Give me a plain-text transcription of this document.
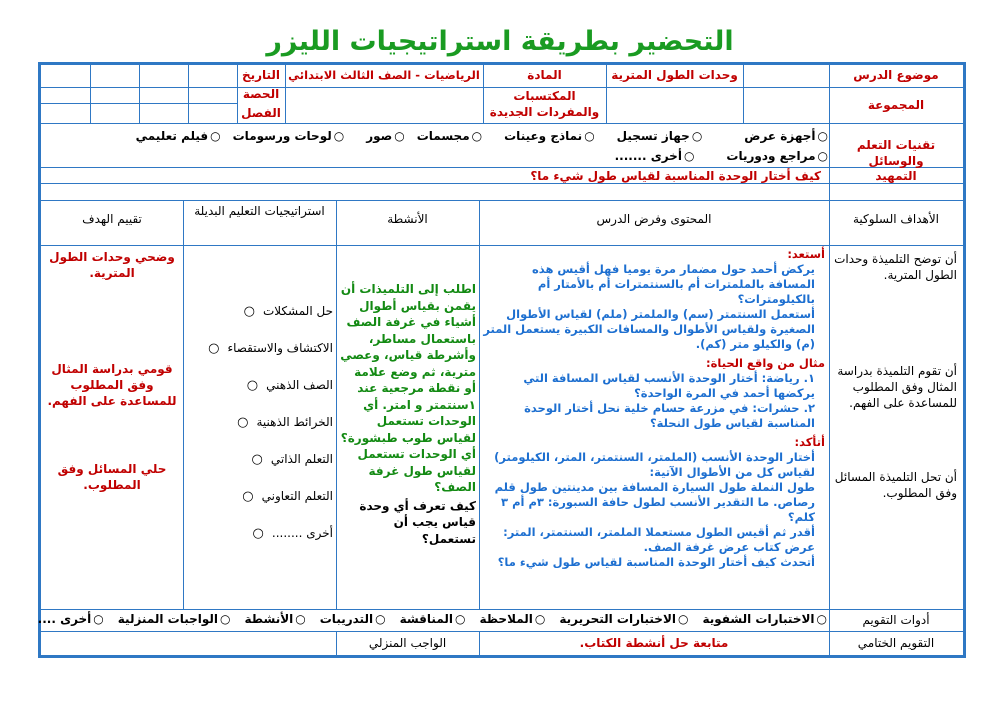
التحضير بطريقة استراتيجيات الليزر
موضوع الدرس
وحدات الطول المترية
المادة
الرياضيات - الصف الثالث الابتدائي
التاريخ
الحصة
الفصل
المجموعة
المكتسبات والمفردات الجديدة
تقنيات التعلم والوسائل
○ أجهزة عرض
○ جهاز تسجيل
○ نماذج وعينات
○ مجسمات
○ صور
○ لوحات ورسومات
○ فيلم تعليمي
○ مراجع ودوريات
○ أخرى .......
التمهيد
كيف أختار الوحدة المناسبة لقياس طول شيء ما؟
الأهداف السلوكية
المحتوى وفرض الدرس
الأنشطة
استراتيجيات التعليم البديلة
تقييم الهدف
أن توضح التلميذة وحدات الطول المترية.
أن تقوم التلميذة بدراسة المثال وفق المطلوب للمساعدة على الفهم.
أن تحل التلميذة المسائل وفق المطلوب.
أستعد:
يركض أحمد حول مضمار مرة يوميا فهل أقيس هذه المسافة بالملمترات أم بالسنتمترات أم بالأمتار أم بالكيلومترات؟
أستعمل السنتمتر (سم) والملمتر (ملم) لقياس الأطوال الصغيرة ولقياس الأطوال والمسافات الكبيرة يستعمل المتر (م) والكيلو متر (كم).
مثال من واقع الحياة:
١. رياضة: أختار الوحدة الأنسب لقياس المسافة التي يركضها أحمد في المرة الواحدة؟
٢. حشرات: في مزرعة حسام خلية نحل أختار الوحدة المناسبة لقياس طول النحلة؟
أتأكد:
أختار الوحدة الأنسب (الملمتر، السنتمتر، المتر، الكيلومتر) لقياس كل من الأطوال الآتية:
طول النملة طول السيارة المسافة بين مدينتين طول قلم رصاص. ما التقدير الأنسب لطول حافة السبورة: ٣م أم ٣ كلم؟
أقدر ثم أقيس الطول مستعملا الملمتر، السنتمتر، المتر: عرض كتاب عرض غرفة الصف.
أتحدث كيف أختار الوحدة المناسبة لقياس طول شيء ما؟
اطلب إلى التلميذات أن يقمن بقياس أطوال أشياء في غرفة الصف باستعمال مساطر، وأشرطة قياس، وعصي مترية، ثم وضع علامة أو نقطة مرجعية عند ١سنتمتر و امتر. أي الوحدات تستعمل لقياس طوب طبشورة؟ أي الوحدات تستعمل لقياس طول غرفة الصف؟
كيف تعرف أي وحدة قياس يجب أن تستعمل؟
حل المشكلات ○
الاكتشاف والاستقصاء ○
الصف الذهني ○
الخرائط الذهنية ○
التعلم الذاتي ○
التعلم التعاوني ○
أخرى ........ ○
وضحي وحدات الطول المترية.
قومي بدراسة المثال وفق المطلوب للمساعدة على الفهم.
حلي المسائل وفق المطلوب.
أدوات التقويم
○ الاختبارات الشفوية
○ الاختبارات التحريرية
○ الملاحظة
○ المناقشة
○ التدريبات
○ الأنشطة
○ الواجبات المنزلية
○ أخرى ....
التقويم الختامي
متابعة حل أنشطة الكتاب.
الواجب المنزلي
